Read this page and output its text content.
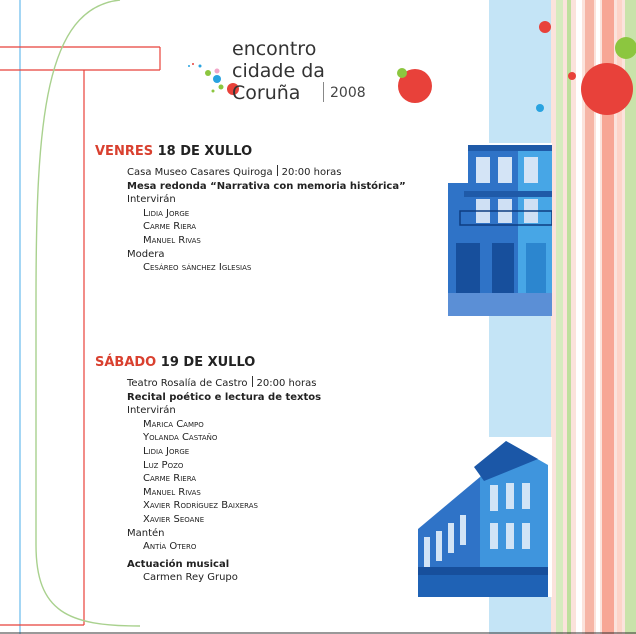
encontro
cidade da
Coruña 2008
VENRES 18 DE XULLO
Casa Museo Casares Quiroga 20:00 horas
Mesa redonda “Narrativa con memoria histórica”
Intervirán
Lidia Jorge
Carme Riera
Manuel Rivas
Modera
Cesáreo sánchez Iglesias
SÁBADO 19 DE XULLO
Teatro Rosalía de Castro 20:00 horas
Recital poético e lectura de textos
Intervirán
Marica Campo
Yolanda Castaño
Lidia Jorge
Luz Pozo
Carme Riera
Manuel Rivas
Xavier Rodríguez Baixeras
Xavier Seoane
Mantén
Antía Otero
Actuación musical
Carmen Rey Grupo
